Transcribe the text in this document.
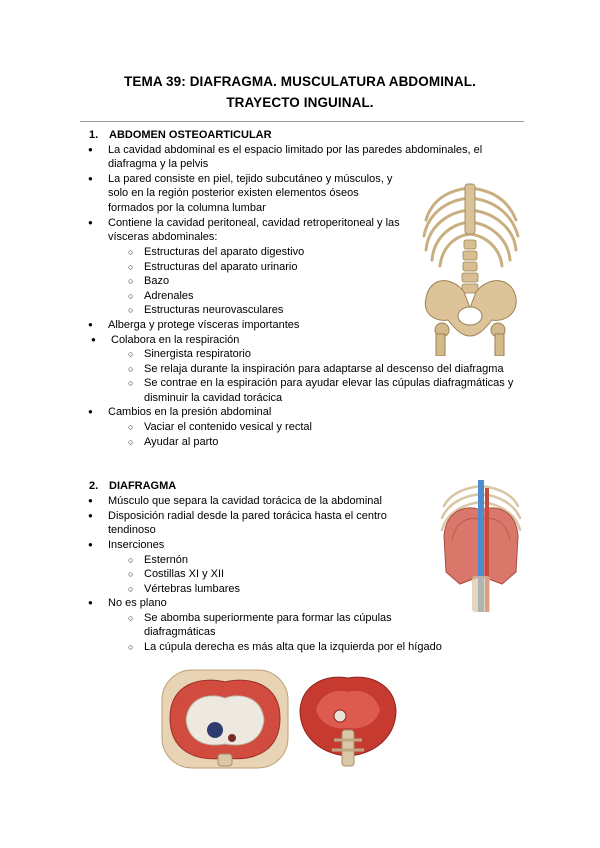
TEMA 39: DIAFRAGMA. MUSCULATURA ABDOMINAL.
TRAYECTO INGUINAL.
1. ABDOMEN OSTEOARTICULAR
● La cavidad abdominal es el espacio limitado por las paredes abdominales, el
diafragma y la pelvis
● La pared consiste en piel, tejido subcutáneo y músculos, y
solo en la región posterior existen elementos óseos
formados por la columna lumbar
● Contiene la cavidad peritoneal, cavidad retroperitoneal y las
vísceras abdominales:
○ Estructuras del aparato digestivo
○ Estructuras del aparato urinario
○ Bazo
○ Adrenales
○ Estructuras neurovasculares
● Alberga y protege vísceras importantes
● Colabora en la respiración
○ Sinergista respiratorio
○ Se relaja durante la inspiración para adaptarse al descenso del diafragma
○ Se contrae en la espiración para ayudar elevar las cúpulas diafragmáticas y
disminuir la cavidad torácica
● Cambios en la presión abdominal
○ Vaciar el contenido vesical y rectal
○ Ayudar al parto
2. DIAFRAGMA
● Músculo que separa la cavidad torácica de la abdominal
● Disposición radial desde la pared torácica hasta el centro
tendinoso
● Inserciones
○ Esternón
○ Costillas XI y XII
○ Vértebras lumbares
● No es plano
○ Se abomba superiormente para formar las cúpulas
diafragmáticas
○ La cúpula derecha es más alta que la izquierda por el hígado
